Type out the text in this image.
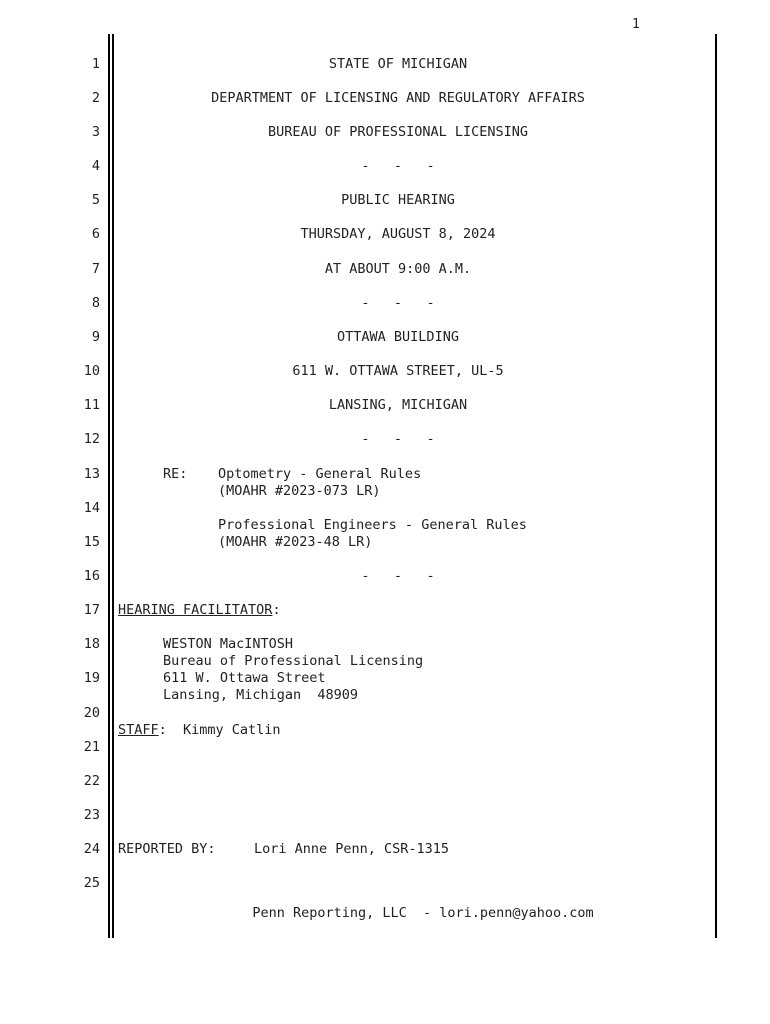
1
1
2
3
4
5
6
7
8
9
10
11
12
13
14
15
16
17
18
19
20
21
22
23
24
25
STATE OF MICHIGAN
DEPARTMENT OF LICENSING AND REGULATORY AFFAIRS
BUREAU OF PROFESSIONAL LICENSING
-   -   -
PUBLIC HEARING
THURSDAY, AUGUST 8, 2024
AT ABOUT 9:00 A.M.
-   -   -
OTTAWA BUILDING
611 W. OTTAWA STREET, UL-5
LANSING, MICHIGAN
-   -   -
RE: Optometry - General Rules
(MOAHR #2023-073 LR)
Professional Engineers - General Rules
(MOAHR #2023-48 LR)
-   -   -
HEARING FACILITATOR:
WESTON MacINTOSH
Bureau of Professional Licensing
611 W. Ottawa Street
Lansing, Michigan  48909
STAFF:  Kimmy Catlin
REPORTED BY:	Lori Anne Penn, CSR-1315
Penn Reporting, LLC  - lori.penn@yahoo.com
